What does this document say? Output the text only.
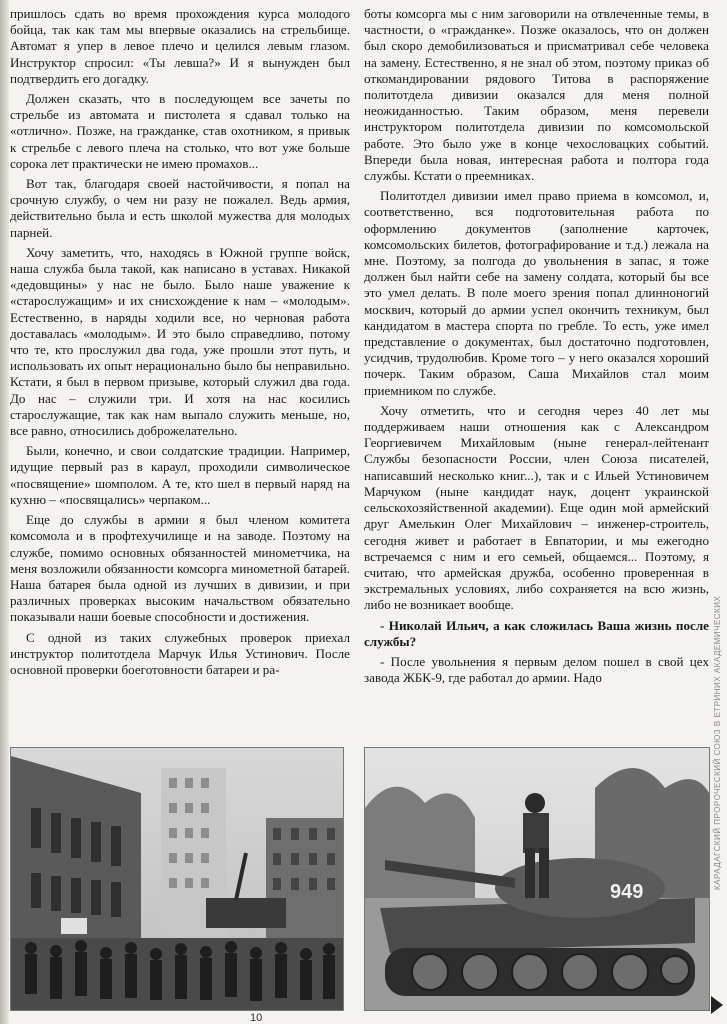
пришлось сдать во время прохождения курса молодого бойца, так как там мы впервые оказались на стрельбище. Автомат я упер в левое плечо и целился левым глазом. Инструктор спросил: «Ты левша?» И я вынужден был подтвердить его догадку.

Должен сказать, что в последующем все зачеты по стрельбе из автомата и пистолета я сдавал только на «отлично». Позже, на гражданке, став охотником, я привык к стрельбе с левого плеча на столько, что вот уже больше сорока лет практически не имею промахов...

Вот так, благодаря своей настойчивости, я попал на срочную службу, о чем ни разу не пожалел. Ведь армия, действительно была и есть школой мужества для молодых парней.

Хочу заметить, что, находясь в Южной группе войск, наша служба была такой, как написано в уставах. Никакой «дедовщины» у нас не было. Было наше уважение к «старослужащим» и их снисхождение к нам – «молодым». Естественно, в наряды ходили все, но черновая работа доставалась «молодым». И это было справедливо, потому что те, кто прослужил два года, уже прошли этот путь, и использовать их опыт нерационально было бы неправильно. Кстати, я был в первом призыве, который служил два года. До нас – служили три. И хотя на нас косились старослужащие, так как нам выпало служить меньше, но, все равно, относились доброжелательно.

Были, конечно, и свои солдатские традиции. Например, идущие первый раз в караул, проходили символическое «посвящение» шомполом. А те, кто шел в первый наряд на кухню – «посвящались» черпаком...

Еще до службы в армии я был членом комитета комсомола и в профтехучилище и на заводе. Поэтому на службе, помимо основных обязанностей минометчика, на меня возложили обязанности комсорга минометной батарей. Наша батарея была одной из лучших в дивизии, и при различных проверках высоким начальством обязательно показывали наши боевые способности и достижения.

С одной из таких служебных проверок приехал инструктор политотдела Марчук Илья Устинович. После основной проверки боеготовности батареи и ра-

боты комсорга мы с ним заговорили на отвлеченные темы, в частности, о «гражданке». Позже оказалось, что он должен был скоро демобилизоваться и присматривал себе человека на замену. Естественно, я не знал об этом, поэтому приказ об откомандировании рядового Титова в распоряжение политотдела дивизии оказался для меня полной неожиданностью. Таким образом, меня перевели инструктором политотдела дивизии по комсомольской работе. Это было уже в конце чехословацких событий. Впереди была новая, интересная работа и полтора года службы. Кстати о преемниках.

Политотдел дивизии имел право приема в комсомол, и, соответственно, вся подготовительная работа по оформлению документов (заполнение карточек, комсомольских билетов, фотографирование и т.д.) лежала на мне. Поэтому, за полгода до увольнения в запас, я тоже должен был найти себе на замену солдата, который бы все это умел делать. В поле моего зрения попал длинноногий москвич, который до армии успел окончить техникум, был кандидатом в мастера спорта по гребле. То есть, уже имел представление о документах, был достаточно подготовлен, усидчив, трудолюбив. Кроме того – у него оказался хороший почерк. Таким образом, Саша Михайлов стал моим приемником по службе.

Хочу отметить, что и сегодня через 40 лет мы поддерживаем наши отношения как с Александром Георгиевичем Михайловым (ныне генерал-лейтенант Службы безопасности России, член Союза писателей, написавший несколько книг...), так и с Ильей Устиновичем Марчуком (ныне кандидат наук, доцент украинской сельскохозяйственной академии). Еще один мой армейский друг Амелькин Олег Михайлович – инженер-строитель, сегодня живет и работает в Евпатории, и мы ежегодно встречаемся с ним и его семьей, общаемся... Поэтому, я считаю, что армейская дружба, особенно проверенная в экстремальных условиях, либо сохраняется на всю жизнь, либо не возникает вообще.

- Николай Ильич, а как сложилась Ваша жизнь после службы?

- После увольнения я первым делом пошел в свой цех завода ЖБК-9, где работал до армии. Надо	КАРАДАГСКИЙ ПРОРОЧЕСКИЙ СОЮЗ В ЕТРИНИХ АКАДЕМИЧЕСКИХ
949
10
